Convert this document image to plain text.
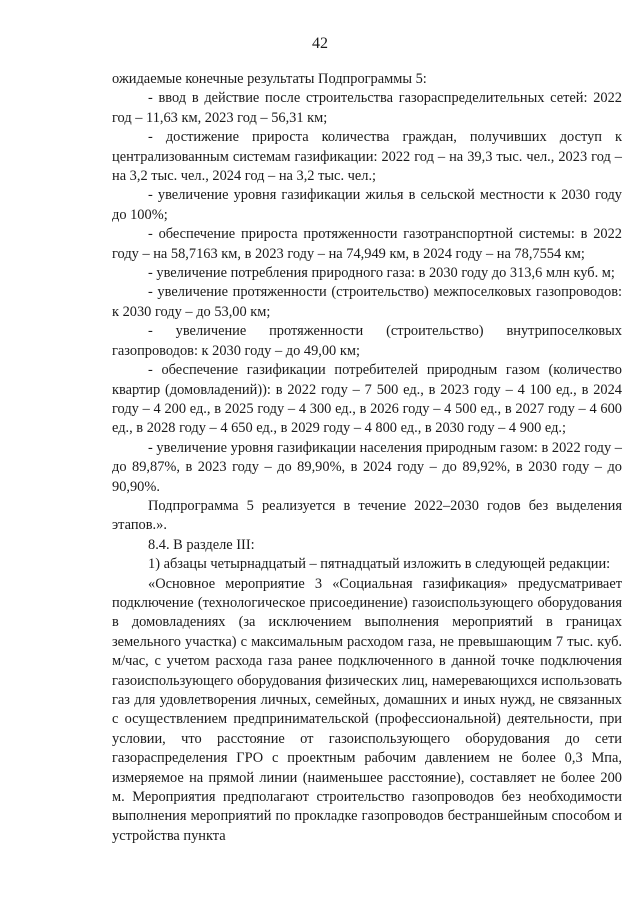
42

ожидаемые конечные результаты Подпрограммы 5:

- ввод в действие после строительства газораспределительных сетей: 2022 год – 11,63 км, 2023 год – 56,31 км;

- достижение прироста количества граждан, получивших доступ к централизованным системам газификации: 2022 год – на 39,3 тыс. чел., 2023 год – на 3,2 тыс. чел., 2024 год – на 3,2 тыс. чел.;

- увеличение уровня газификации жилья в сельской местности к 2030 году до 100%;

- обеспечение прироста протяженности газотранспортной системы: в 2022 году – на 58,7163 км, в 2023 году – на 74,949 км, в 2024 году – на 78,7554 км;

- увеличение потребления природного газа: в 2030 году до 313,6 млн куб. м;

- увеличение протяженности (строительство) межпоселковых газопроводов: к 2030 году – до 53,00 км;

- увеличение протяженности (строительство) внутрипоселковых газопроводов: к 2030 году – до 49,00 км;

- обеспечение газификации потребителей природным газом (количество квартир (домовладений)): в 2022 году – 7 500 ед., в 2023 году – 4 100 ед., в 2024 году – 4 200 ед., в 2025 году – 4 300 ед., в 2026 году – 4 500 ед., в 2027 году – 4 600 ед., в 2028 году – 4 650 ед., в 2029 году – 4 800 ед., в 2030 году – 4 900 ед.;

- увеличение уровня газификации населения природным газом: в 2022 году – до 89,87%, в 2023 году – до 89,90%, в 2024 году – до 89,92%, в 2030 году – до 90,90%.

Подпрограмма 5 реализуется в течение 2022–2030 годов без выделения этапов.».

8.4. В разделе III:

1) абзацы четырнадцатый – пятнадцатый изложить в следующей редакции:

«Основное мероприятие 3 «Социальная газификация» предусматривает подключение (технологическое присоединение) газоиспользующего оборудования в домовладениях (за исключением выполнения мероприятий в границах земельного участка) с максимальным расходом газа, не превышающим 7 тыс. куб. м/час, с учетом расхода газа ранее подключенного в данной точке подключения газоиспользующего оборудования физических лиц, намеревающихся использовать газ для удовлетворения личных, семейных, домашних и иных нужд, не связанных с осуществлением предпринимательской (профессиональной) деятельности, при условии, что расстояние от газоиспользующего оборудования до сети газораспределения ГРО с проектным рабочим давлением не более 0,3 Мпа, измеряемое на прямой линии (наименьшее расстояние), составляет не более 200 м. Мероприятия предполагают строительство газопроводов без необходимости выполнения мероприятий по прокладке газопроводов бестраншейным способом и устройства пункта
